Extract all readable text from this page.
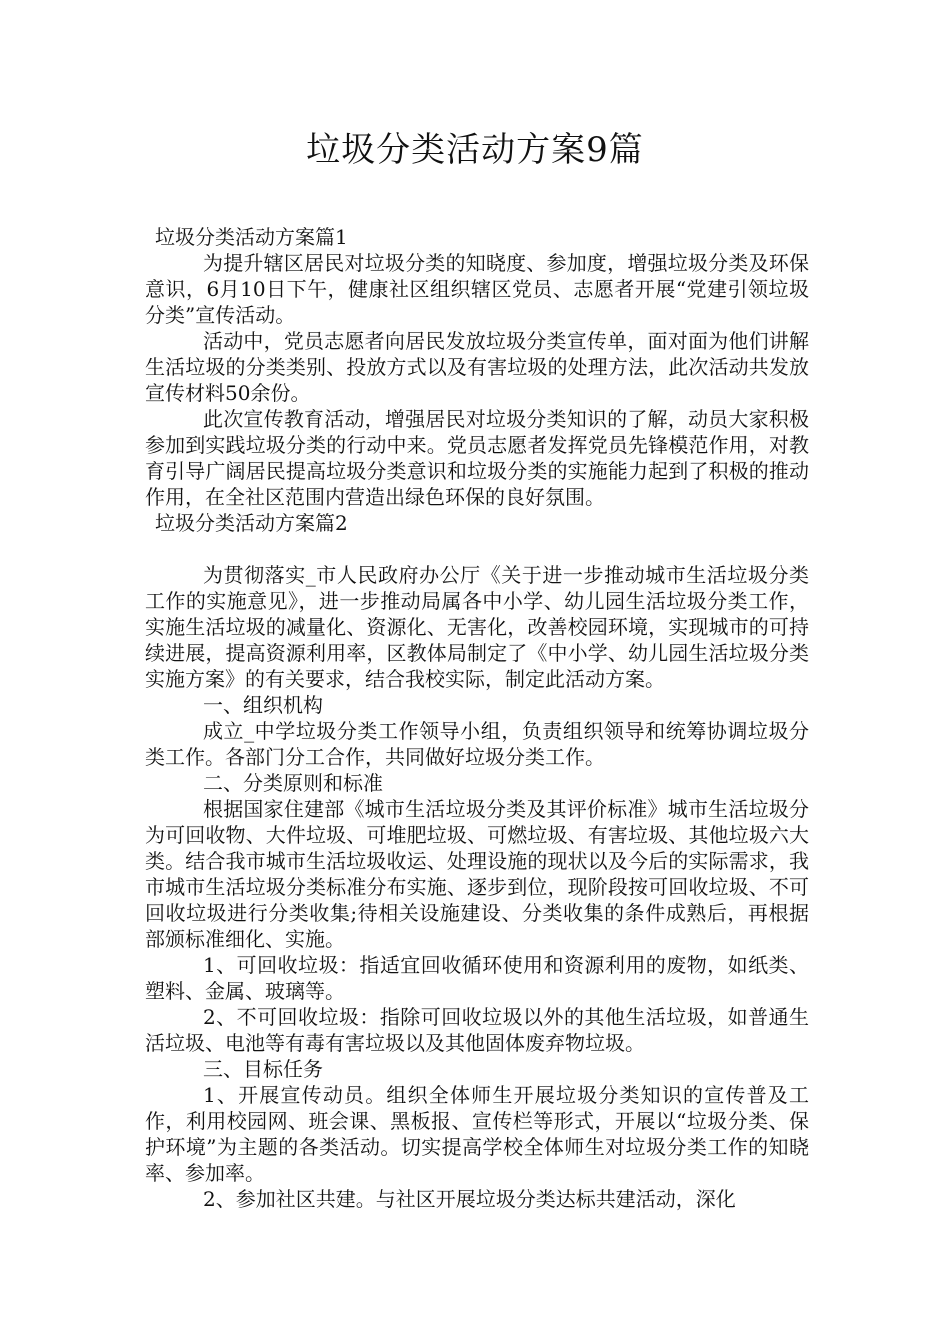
垃圾分类活动方案9篇

垃圾分类活动方案篇1

为提升辖区居民对垃圾分类的知晓度、参加度，增强垃圾分类及环保意识，6月10日下午，健康社区组织辖区党员、志愿者开展“党建引领垃圾分类”宣传活动。

活动中，党员志愿者向居民发放垃圾分类宣传单，面对面为他们讲解生活垃圾的分类类别、投放方式以及有害垃圾的处理方法，此次活动共发放宣传材料50余份。

此次宣传教育活动，增强居民对垃圾分类知识的了解，动员大家积极参加到实践垃圾分类的行动中来。党员志愿者发挥党员先锋模范作用，对教育引导广阔居民提高垃圾分类意识和垃圾分类的实施能力起到了积极的推动作用，在全社区范围内营造出绿色环保的良好氛围。

垃圾分类活动方案篇2

为贯彻落实_市人民政府办公厅《关于进一步推动城市生活垃圾分类工作的实施意见》，进一步推动局属各中小学、幼儿园生活垃圾分类工作，实施生活垃圾的减量化、资源化、无害化，改善校园环境，实现城市的可持续进展，提高资源利用率，区教体局制定了《中小学、幼儿园生活垃圾分类实施方案》的有关要求，结合我校实际，制定此活动方案。

一、组织机构

成立_中学垃圾分类工作领导小组，负责组织领导和统筹协调垃圾分类工作。各部门分工合作，共同做好垃圾分类工作。

二、分类原则和标准

根据国家住建部《城市生活垃圾分类及其评价标准》城市生活垃圾分为可回收物、大件垃圾、可堆肥垃圾、可燃垃圾、有害垃圾、其他垃圾六大类。结合我市城市生活垃圾收运、处理设施的现状以及今后的实际需求，我市城市生活垃圾分类标准分布实施、逐步到位，现阶段按可回收垃圾、不可回收垃圾进行分类收集;待相关设施建设、分类收集的条件成熟后，再根据部颁标准细化、实施。

1、可回收垃圾：指适宜回收循环使用和资源利用的废物，如纸类、塑料、金属、玻璃等。

2、不可回收垃圾：指除可回收垃圾以外的其他生活垃圾，如普通生活垃圾、电池等有毒有害垃圾以及其他固体废弃物垃圾。

三、目标任务

1、开展宣传动员。组织全体师生开展垃圾分类知识的宣传普及工作，利用校园网、班会课、黑板报、宣传栏等形式，开展以“垃圾分类、保护环境”为主题的各类活动。切实提高学校全体师生对垃圾分类工作的知晓率、参加率。

2、参加社区共建。与社区开展垃圾分类达标共建活动，深化
